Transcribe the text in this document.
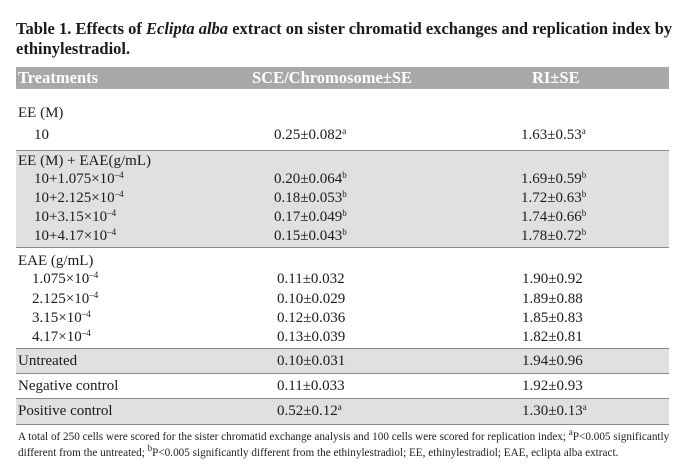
Table 1. Effects of Eclipta alba extract on sister chromatid exchanges and replication index by ethinylestradiol.
Treatments	SCE/Chromosome±SE	RI±SE
EE (M)
10	0.25±0.082$^a$	1.63±0.53$^a$
EE (M) + EAE(g/mL)
$10+1.075\times 10^{-4}$	0.20±0.064$^b$	1.69±0.59$^b$
$10+2.125\times 10^{-4}$	0.18±0.053$^b$	1.72±0.63$^b$
$10+3.15\times 10^{-4}$	0.17±0.049$^b$	1.74±0.66$^b$
$10+4.17\times 10^{-4}$	0.15±0.043$^b$	1.78±0.72$^b$
EAE (g/mL)
$1.075\times 10^{-4}$	0.11±0.032	1.90±0.92
$2.125\times 10^{-4}$	0.10±0.029	1.89±0.88
$3.15\times 10^{-4}$	0.12±0.036	1.85±0.83
$4.17\times 10^{-4}$	0.13±0.039	1.82±0.81
Untreated	0.10±0.031	1.94±0.96
Negative control	0.11±0.033	1.92±0.93
Positive control	0.52±0.12$^a$	1.30±0.13$^a$
A total of 250 cells were scored for the sister chromatid exchange analysis and 100 cells were scored for replication index; $^a$P<0.005 significantly different from the untreated; $^b$P<0.005 significantly different from the ethinylestradiol; EE, ethinylestradiol; EAE, eclipta alba extract.
